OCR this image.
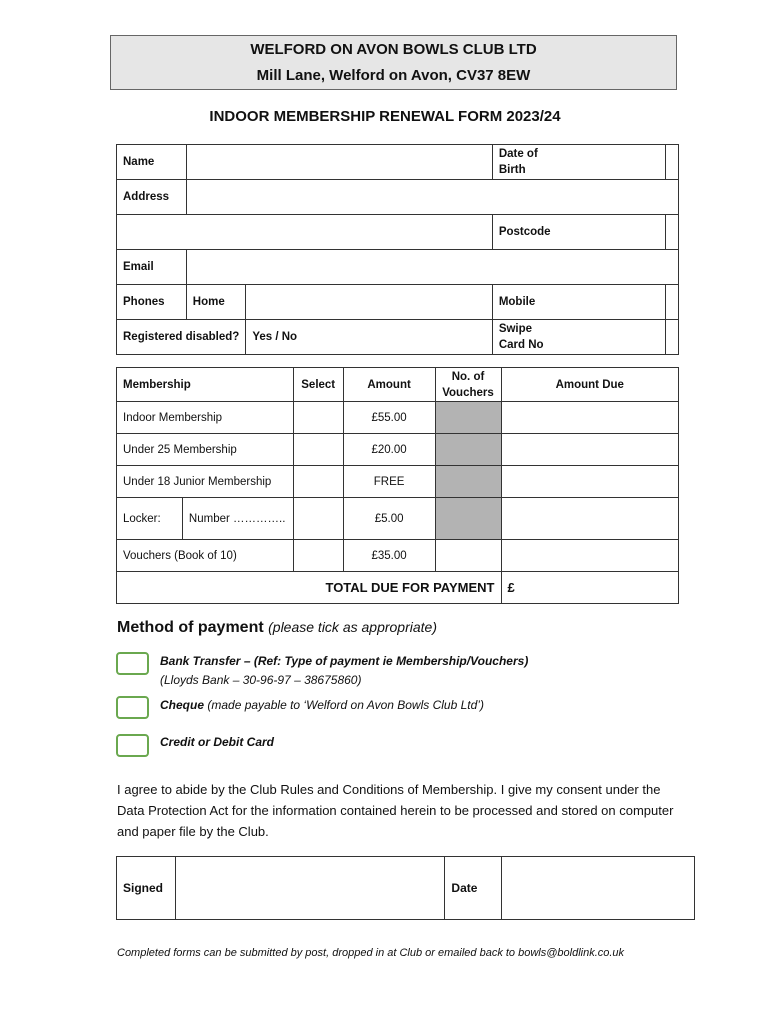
WELFORD ON AVON BOWLS CLUB LTD
Mill Lane, Welford on Avon, CV37 8EW
INDOOR MEMBERSHIP RENEWAL FORM 2023/24
Name			Date of
Birth	
Address				
			Postcode	
Email				
Phones	Home		Mobile	
Registered disabled?		Yes / No	Swipe
Card No	
Membership		Select	Amount	No. of
Vouchers	Amount Due
Indoor Membership			£55.00		
Under 25 Membership			£20.00		
Under 18 Junior Membership			FREE		
Locker:	Number …………..		£5.00		
Vouchers (Book of 10)			£35.00		
TOTAL DUE FOR PAYMENT					£
Method of payment (please tick as appropriate)
Bank Transfer – (Ref: Type of payment ie Membership/Vouchers)
(Lloyds Bank – 30-96-97 – 38675860)
Cheque (made payable to ‘Welford on Avon Bowls Club Ltd’)
Credit or Debit Card
I agree to abide by the Club Rules and Conditions of Membership. I give my consent under the Data Protection Act for the information contained herein to be processed and stored on computer and paper file by the Club.
Signed		Date	
Completed forms can be submitted by post, dropped in at Club or emailed back to bowls@boldlink.co.uk
